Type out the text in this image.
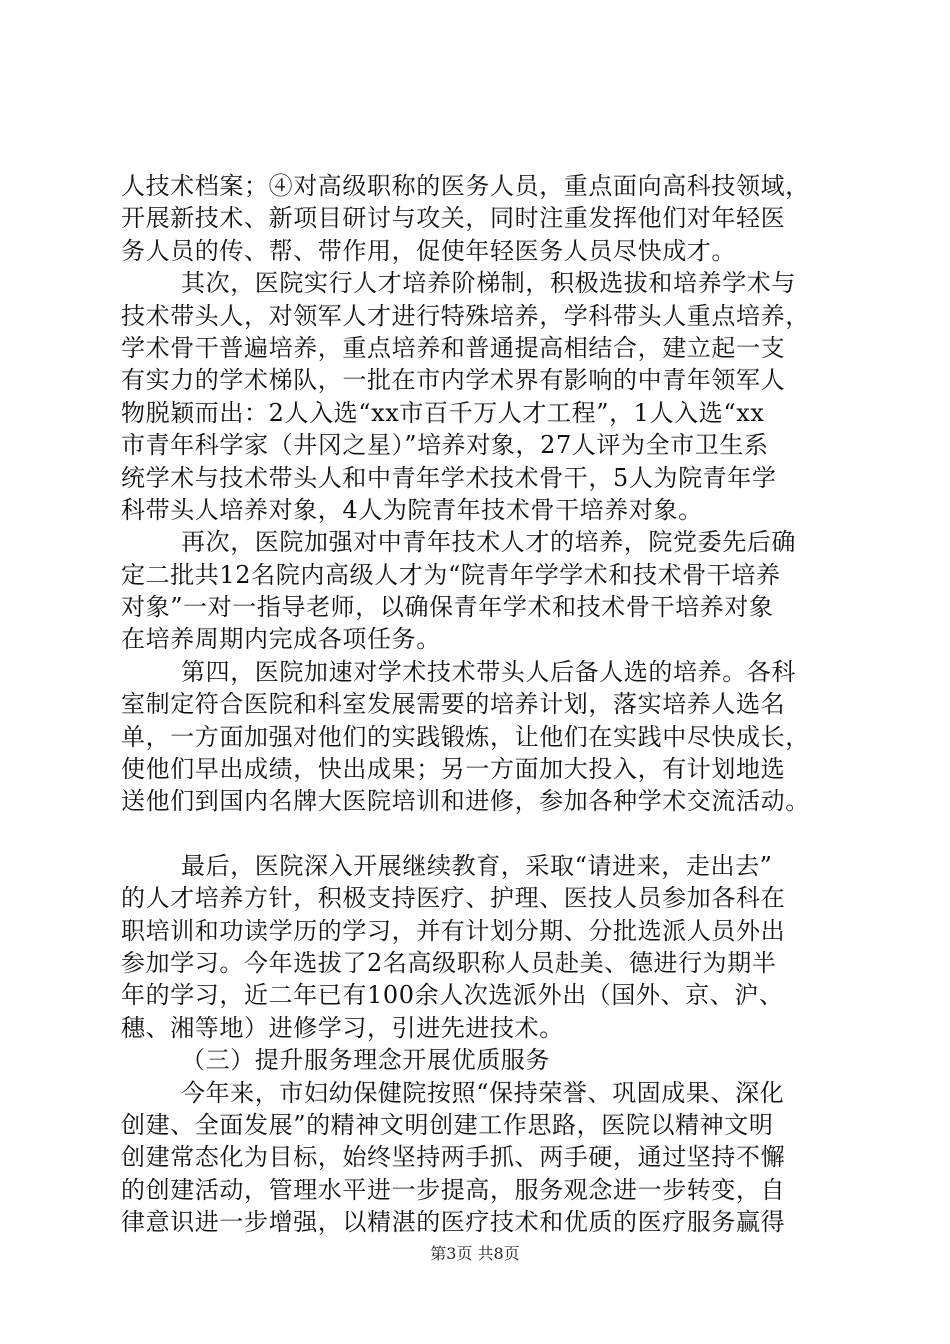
人技术档案；④对高级职称的医务人员，重点面向高科技领域，
开展新技术、新项目研讨与攻关，同时注重发挥他们对年轻医
务人员的传、帮、带作用，促使年轻医务人员尽快成才。
其次，医院实行人才培养阶梯制，积极选拔和培养学术与
技术带头人，对领军人才进行特殊培养，学科带头人重点培养，
学术骨干普遍培养，重点培养和普通提高相结合，建立起一支
有实力的学术梯队，一批在市内学术界有影响的中青年领军人
物脱颖而出：2人入选“xx市百千万人才工程”，1人入选“xx
市青年科学家（井冈之星）”培养对象，27人评为全市卫生系
统学术与技术带头人和中青年学术技术骨干，5人为院青年学
科带头人培养对象，4人为院青年技术骨干培养对象。
再次，医院加强对中青年技术人才的培养，院党委先后确
定二批共12名院内高级人才为“院青年学学术和技术骨干培养
对象”一对一指导老师，以确保青年学术和技术骨干培养对象
在培养周期内完成各项任务。
第四，医院加速对学术技术带头人后备人选的培养。各科
室制定符合医院和科室发展需要的培养计划，落实培养人选名
单，一方面加强对他们的实践锻炼，让他们在实践中尽快成长，
使他们早出成绩，快出成果；另一方面加大投入，有计划地选
送他们到国内名牌大医院培训和进修，参加各种学术交流活动。
最后，医院深入开展继续教育，采取“请进来，走出去”
的人才培养方针，积极支持医疗、护理、医技人员参加各科在
职培训和功读学历的学习，并有计划分期、分批选派人员外出
参加学习。今年选拔了2名高级职称人员赴美、德进行为期半
年的学习，近二年已有100余人次选派外出（国外、京、沪、
穗、湘等地）进修学习，引进先进技术。
（三）提升服务理念开展优质服务
今年来，市妇幼保健院按照“保持荣誉、巩固成果、深化
创建、全面发展”的精神文明创建工作思路，医院以精神文明
创建常态化为目标，始终坚持两手抓、两手硬，通过坚持不懈
的创建活动，管理水平进一步提高，服务观念进一步转变，自
律意识进一步增强，以精湛的医疗技术和优质的医疗服务赢得
第3页 共8页
